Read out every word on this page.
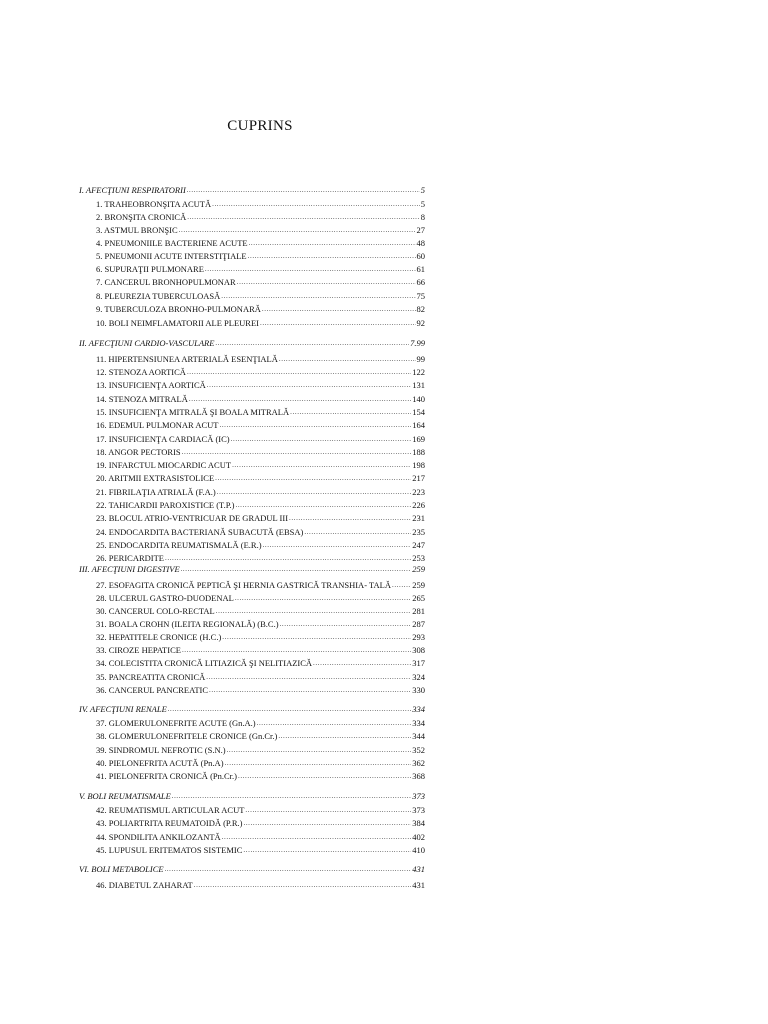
CUPRINS
I. AFECŢIUNI RESPIRATORII .....	5
1. TRAHEOBRONŞITA ACUTĂ .....	5
2. BRONŞITA CRONICĂ .....	8
3. ASTMUL BRONŞIC .....	27
4. PNEUMONIILE BACTERIENE ACUTE .....	48
5. PNEUMONII ACUTE INTERSTIŢIALE .....	60
6. SUPURAŢII PULMONARE .....	61
7. CANCERUL BRONHOPULMONAR .....	66
8. PLEUREZIA TUBERCULOASĂ .....	75
9. TUBERCULOZA BRONHO-PULMONARĂ .....	82
10. BOLI NEIMFLAMATORII ALE PLEUREI .....	92
II. AFECŢIUNI CARDIO-VASCULARE .....	7.99
11. HIPERTENSIUNEA ARTERIALĂ ESENŢIALĂ .....	99
12. STENOZA AORTICĂ .....	122
13. INSUFICIENŢA AORTICĂ .....	131
14. STENOZA MITRALĂ .....	140
15. INSUFICIENŢA MITRALĂ ŞI BOALA MITRALĂ .....	154
16. EDEMUL PULMONAR ACUT .....	164
17. INSUFICIENŢA CARDIACĂ (IC) .....	169
18. ANGOR PECTORIS .....	188
19. INFARCTUL MIOCARDIC ACUT .....	198
20. ARITMII EXTRASISTOLICE .....	217
21. FIBRILAŢIA ATRIALĂ (F.A.) .....	223
22. TAHICARDII PAROXISTICE (T.P.) .....	226
23. BLOCUL ATRIO-VENTRICUAR DE GRADUL III .....	231
24. ENDOCARDITA BACTERIANĂ SUBACUTĂ (EBSA) .....	235
25. ENDOCARDITA REUMATISMALĂ (E.R.) .....	247
26. PERICARDITE .....	253
III. AFECŢIUNI DIGESTIVE .....	259
27. ESOFAGITA CRONICĂ PEPTICĂ ŞI HERNIA GASTRICĂ TRANSHIA- TALĂ .....	259
28. ULCERUL GASTRO-DUODENAL .....	265
30. CANCERUL COLO-RECTAL .....	281
31. BOALA CROHN (ILEITA REGIONALĂ) (B.C.) .....	287
32. HEPATITELE CRONICE (H.C.) .....	293
33. CIROZE HEPATICE .....	308
34. COLECISTITA CRONICĂ LITIAZICĂ ŞI NELITIAZICĂ .....	317
35. PANCREATITA CRONICĂ .....	324
36. CANCERUL PANCREATIC .....	330
IV. AFECŢIUNI RENALE .....	334
37. GLOMERULONEFRITE ACUTE (Gn.A.) .....	334
38. GLOMERULONEFRITELE CRONICE (Gn.Cr.) .....	344
39. SINDROMUL NEFROTIC (S.N.) .....	352
40. PIELONEFRITA ACUTĂ (Pn.A) .....	362
41. PIELONEFRITA CRONICĂ (Pn.Cr.) .....	368
V. BOLI REUMATISMALE .....	373
42. REUMATISMUL ARTICULAR ACUT .....	373
43. POLIARTRITA REUMATOIDĂ (P.R.) .....	384
44. SPONDILITA ANKILOZANTĂ .....	402
45. LUPUSUL ERITEMATOS SISTEMIC .....	410
VI. BOLI METABOLICE .....	431
46. DIABETUL ZAHARAT .....	431
